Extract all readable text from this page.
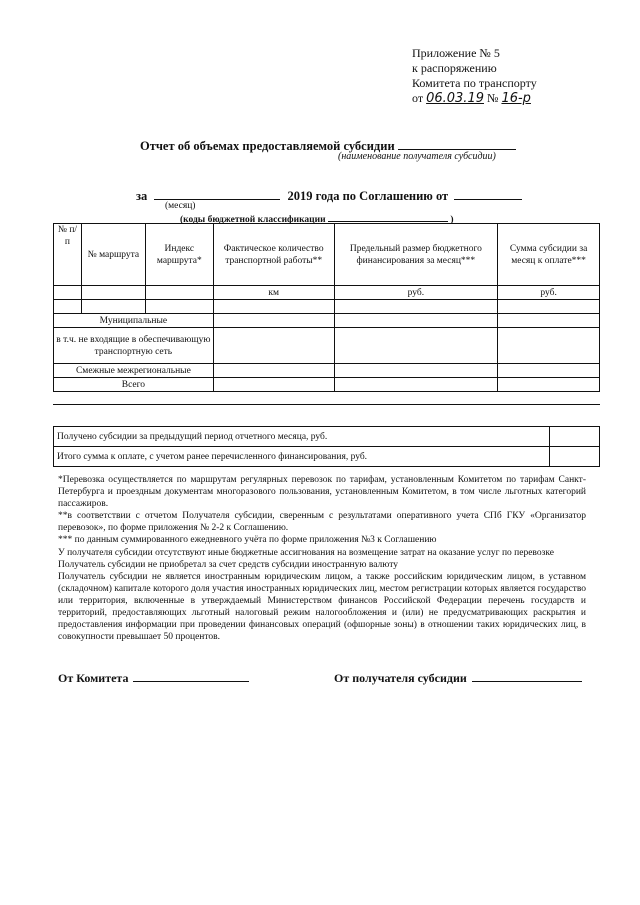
Приложение № 5
к распоряжению
Комитета по транспорту
от 06.03.19 № 16-р
Отчет об объемах предоставляемой субсидии
(наименование получателя субсидии)
за	2019 года по Соглашению от
(месяц)
(коды бюджетной классификации	)
№ п/п	№ маршрута	Индекс маршрута*	Фактическое количество транспортной работы**	Предельный размер бюджетного финансирования за месяц***	Сумма субсидии за месяц к оплате***
			км	руб.	руб.

Муниципальные					
в т.ч. не входящие в обеспечивающую транспортную сеть					
Смежные межрегиональные					
Всего					
Получено субсидии за предыдущий период отчетного месяца, руб.	
Итого сумма к оплате, с учетом ранее перечисленного финансирования, руб.	

*Перевозка осуществляется по маршрутам регулярных перевозок по тарифам, установленным Комитетом по тарифам Санкт-Петербурга и проездным документам многоразового пользования, установленным Комитетом, в том числе льготных категорий пассажиров.

**в соответствии с отчетом Получателя субсидии, сверенным с результатами оперативного учета СПб ГКУ «Организатор перевозок», по форме приложения № 2-2 к Соглашению.

*** по данным суммированного ежедневного учёта по форме приложения №3 к Соглашению

У получателя субсидии отсутствуют иные бюджетные ассигнования на возмещение затрат на оказание услуг по перевозке

Получатель субсидии не приобретал за счет средств субсидии иностранную валюту

Получатель субсидии не является иностранным юридическим лицом, а также российским юридическим лицом, в уставном (складочном) капитале которого доля участия иностранных юридических лиц, местом регистрации которых является государство или территория, включенные в утверждаемый Министерством финансов Российской Федерации перечень государств и территорий, предоставляющих льготный налоговый режим налогообложения и (или) не предусматривающих раскрытия и предоставления информации при проведении финансовых операций (офшорные зоны) в отношении таких юридических лиц, в совокупности превышает 50 процентов.

От Комитета	От получателя субсидии
